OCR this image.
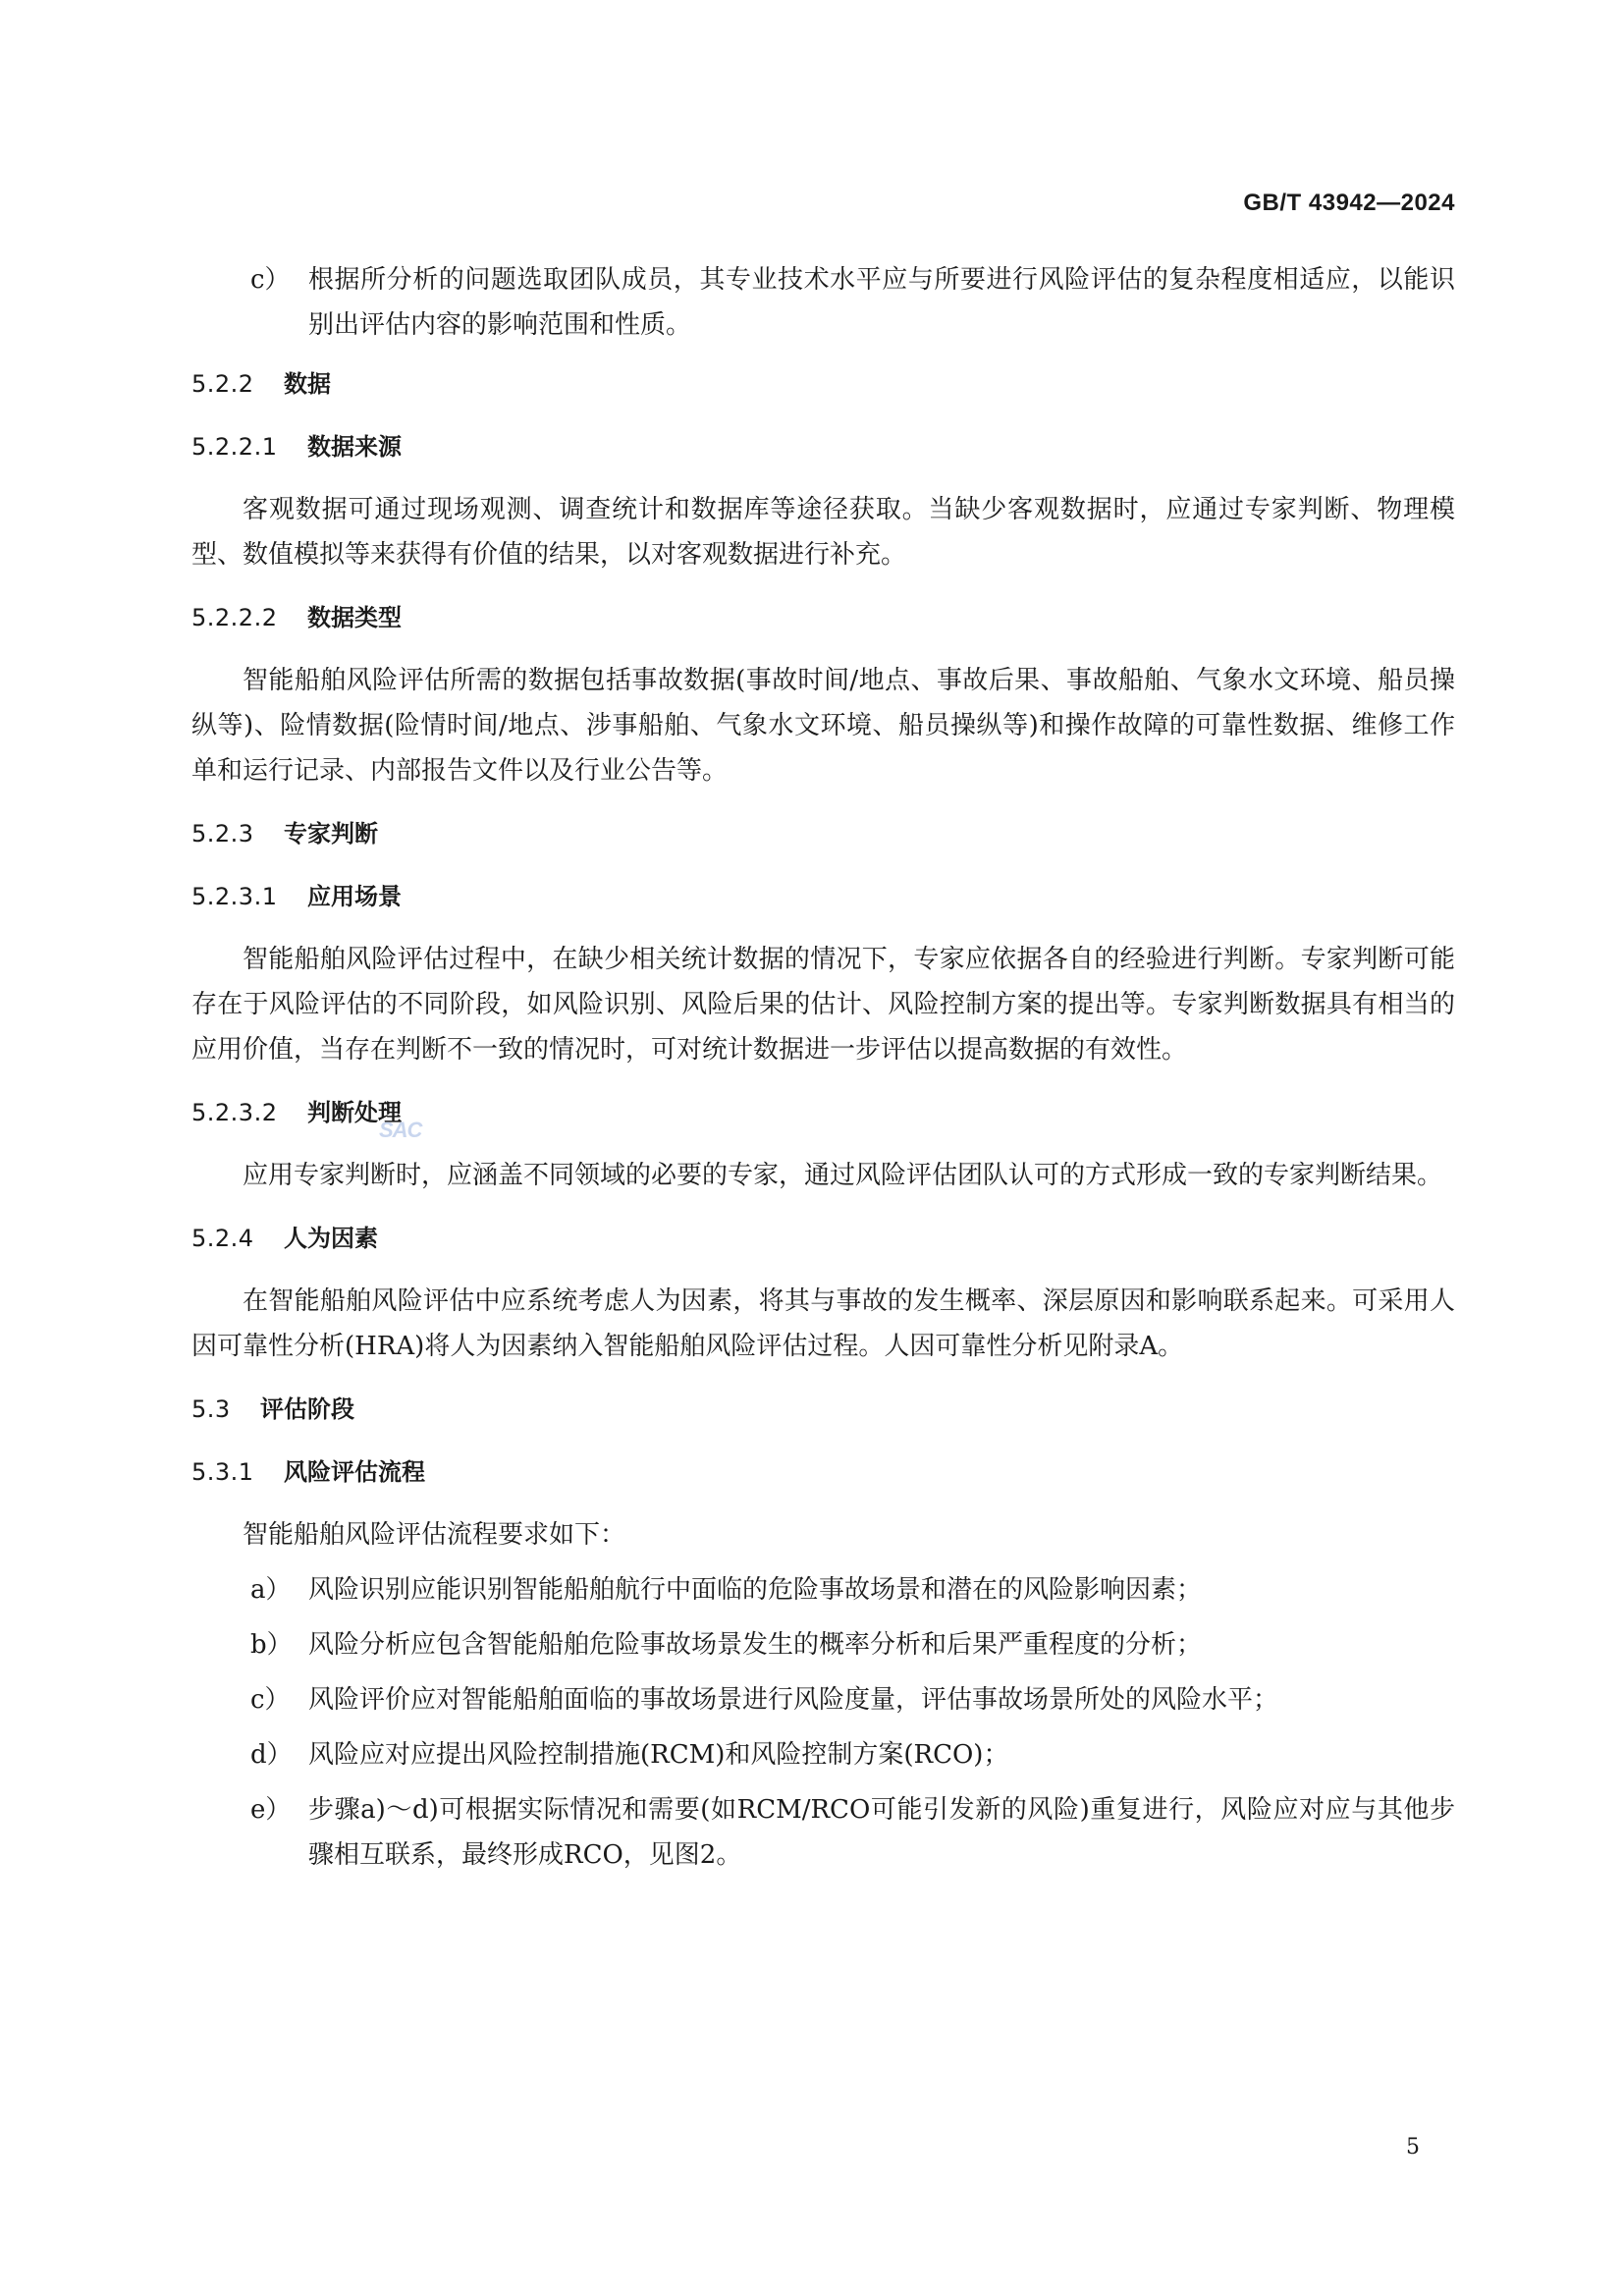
GB/T 43942—2024
c） 根据所分析的问题选取团队成员，其专业技术水平应与所要进行风险评估的复杂程度相适应，以能识别出评估内容的影响范围和性质。
5.2.2	数据
5.2.2.1	数据来源

客观数据可通过现场观测、调查统计和数据库等途径获取。当缺少客观数据时，应通过专家判断、物理模型、数值模拟等来获得有价值的结果，以对客观数据进行补充。

5.2.2.2	数据类型

智能船舶风险评估所需的数据包括事故数据(事故时间/地点、事故后果、事故船舶、气象水文环境、船员操纵等)、险情数据(险情时间/地点、涉事船舶、气象水文环境、船员操纵等)和操作故障的可靠性数据、维修工作单和运行记录、内部报告文件以及行业公告等。

5.2.3	专家判断
5.2.3.1	应用场景

智能船舶风险评估过程中，在缺少相关统计数据的情况下，专家应依据各自的经验进行判断。专家判断可能存在于风险评估的不同阶段，如风险识别、风险后果的估计、风险控制方案的提出等。专家判断数据具有相当的应用价值，当存在判断不一致的情况时，可对统计数据进一步评估以提高数据的有效性。

5.2.3.2	判断处理

应用专家判断时，应涵盖不同领域的必要的专家，通过风险评估团队认可的方式形成一致的专家判断结果。

5.2.4	人为因素

在智能船舶风险评估中应系统考虑人为因素，将其与事故的发生概率、深层原因和影响联系起来。可采用人因可靠性分析(HRA)将人为因素纳入智能船舶风险评估过程。人因可靠性分析见附录A。

5.3	评估阶段
5.3.1	风险评估流程

智能船舶风险评估流程要求如下：

a） 风险识别应能识别智能船舶航行中面临的危险事故场景和潜在的风险影响因素；
b） 风险分析应包含智能船舶危险事故场景发生的概率分析和后果严重程度的分析；
c） 风险评价应对智能船舶面临的事故场景进行风险度量，评估事故场景所处的风险水平；
d） 风险应对应提出风险控制措施(RCM)和风险控制方案(RCO)；
e） 步骤a)～d)可根据实际情况和需要(如RCM/RCO可能引发新的风险)重复进行，风险应对应与其他步骤相互联系，最终形成RCO，见图2。
SAC
5
